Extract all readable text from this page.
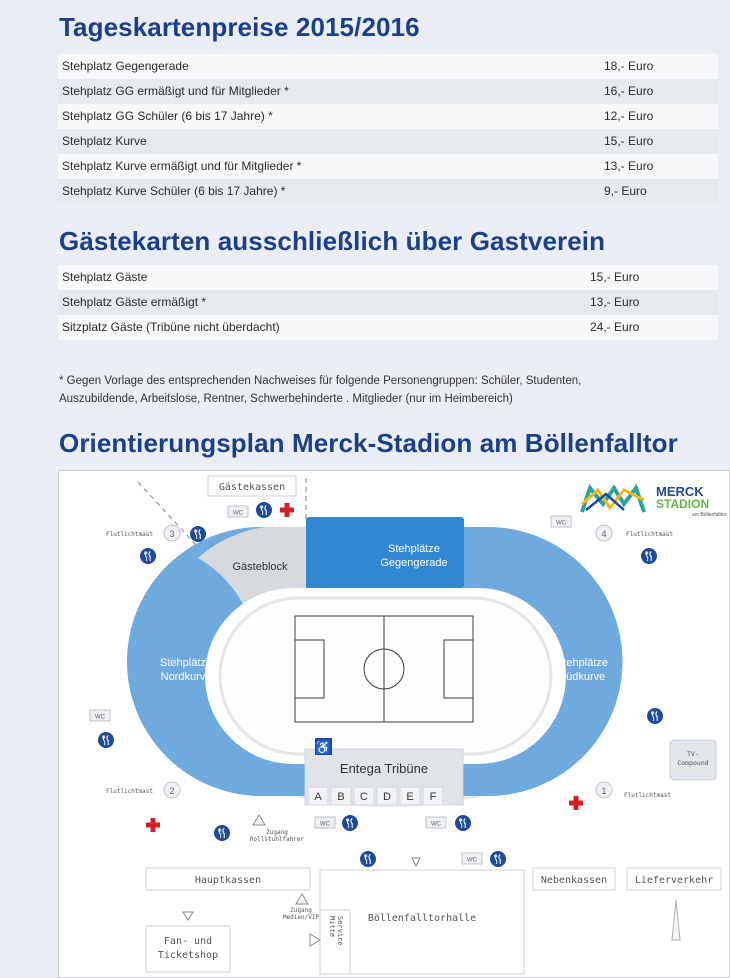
Tageskartenpreise 2015/2016
Stehplatz Gegengerade	18,- Euro
Stehplatz GG ermäßigt und für Mitglieder *	16,- Euro
Stehplatz GG Schüler (6 bis 17 Jahre) *	12,- Euro
Stehplatz Kurve	15,- Euro
Stehplatz Kurve ermäßigt und für Mitglieder *	13,- Euro
Stehplatz Kurve Schüler (6 bis 17 Jahre) *	9,- Euro
Gästekarten ausschließlich über Gastverein
Stehplatz Gäste	15,- Euro
Stehplatz Gäste ermäßigt *	13,- Euro
Sitzplatz Gäste (Tribüne nicht überdacht)	24,- Euro
* Gegen Vorlage des entsprechenden Nachweises für folgende Personengruppen: Schüler, Studenten,
Auszubildende, Arbeitslose, Rentner, Schwerbehinderte . Mitglieder (nur im Heimbereich)
Orientierungsplan Merck-Stadion am Böllenfalltor
♿
Entega Tribüne
A B C D E F
Stehplätze
Gegengerade
Stehplätze
Nordkurve
Stehplätze
Südkurve
Gästeblock
Gästekassen	MERCK
STADION
am Böllenfalltor
Flutlichtmast 3	4	Flutlichtmast
Flutlichtmast 2	1	Flutlichtmast
WC
WC
WC
WC	WC
WC
TV-
Compound
Zugang
Rollstuhlfahrer
Zugang
Medien/VIP
Hauptkassen	Nebenkassen	Lieferverkehr
Böllenfalltorhalle
Service
Mitte
Fan- und
Ticketshop
